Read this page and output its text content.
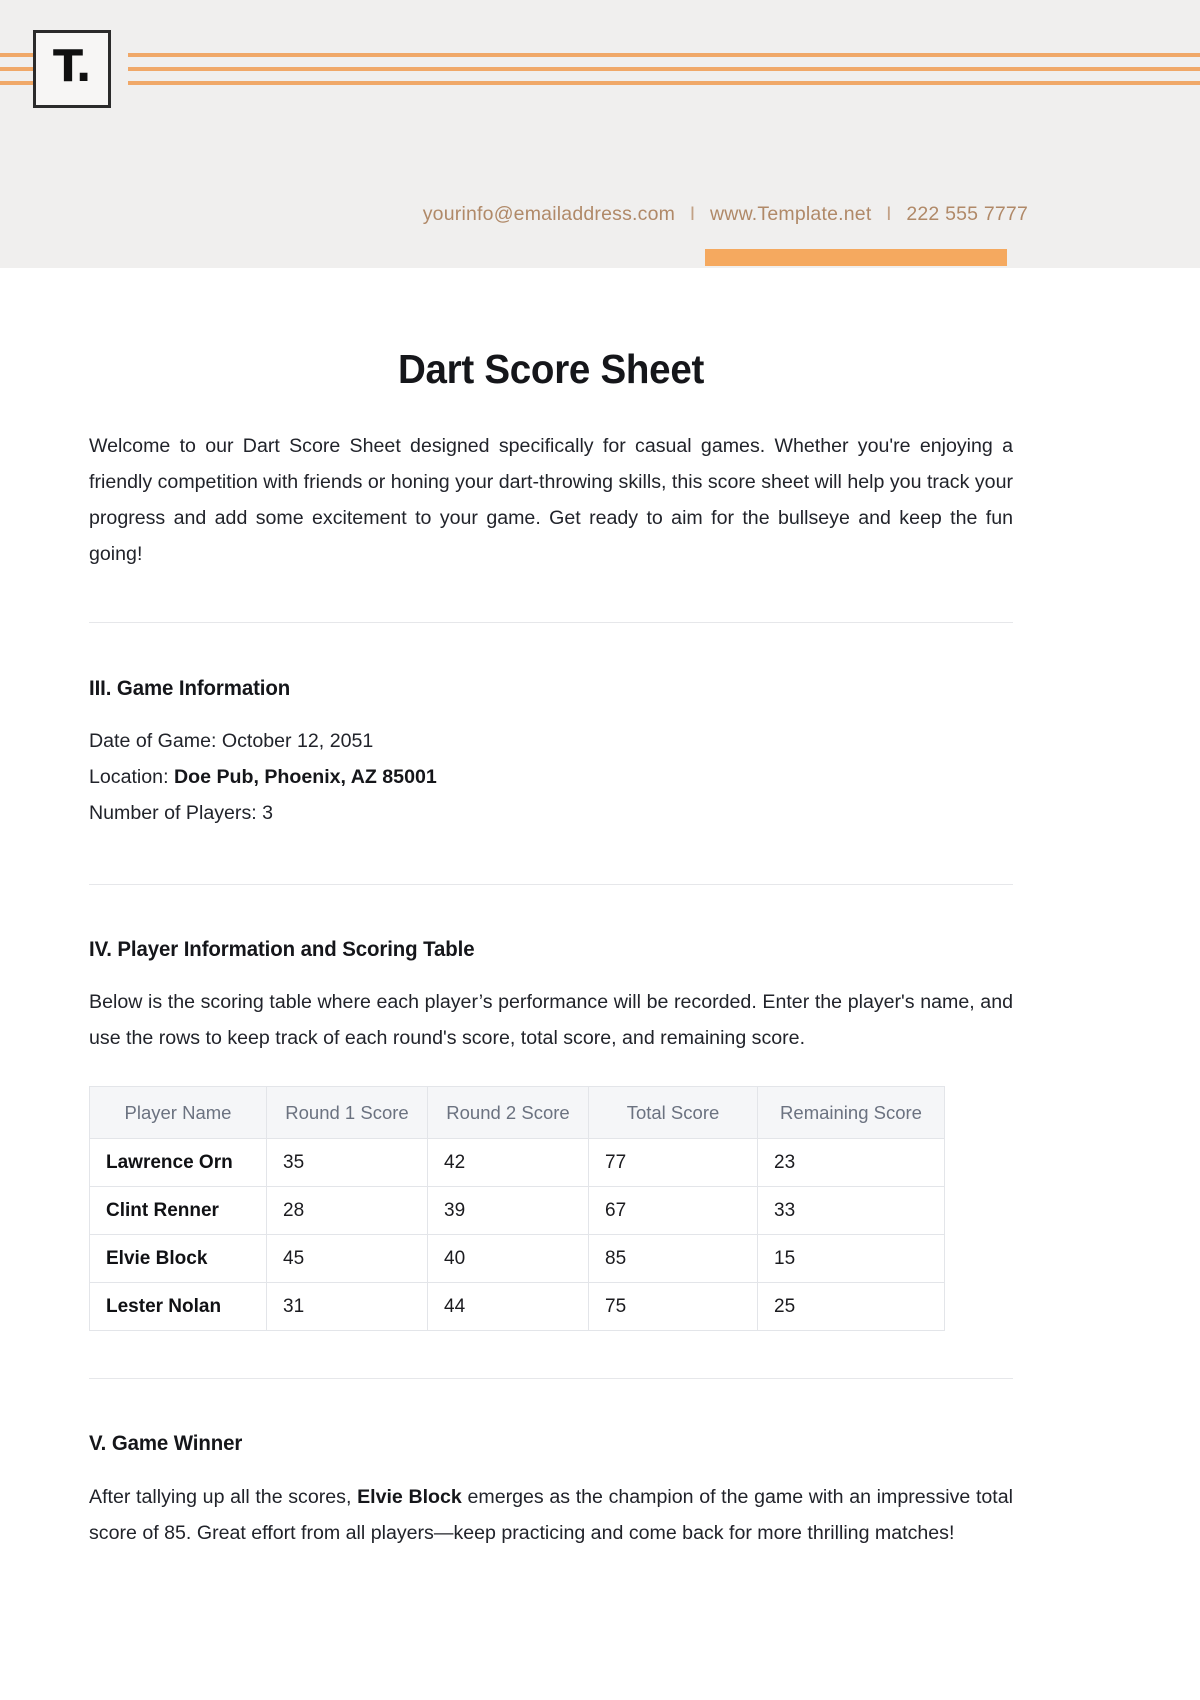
T.
yourinfo@emailaddress.com I www.Template.net I 222 555 7777
Dart Score Sheet

Welcome to our Dart Score Sheet designed specifically for casual games. Whether you're enjoying a friendly competition with friends or honing your dart-throwing skills, this score sheet will help you track your progress and add some excitement to your game. Get ready to aim for the bullseye and keep the fun going!

III. Game Information
Date of Game: October 12, 2051
Location: Doe Pub, Phoenix, AZ 85001
Number of Players: 3
IV. Player Information and Scoring Table

Below is the scoring table where each player’s performance will be recorded. Enter the player's name, and use the rows to keep track of each round's score, total score, and remaining score.

Player Name	Round 1 Score	Round 2 Score	Total Score	Remaining Score
Lawrence Orn	35	42	77	23
Clint Renner	28	39	67	33
Elvie Block	45	40	85	15
Lester Nolan	31	44	75	25
V. Game Winner

After tallying up all the scores, Elvie Block emerges as the champion of the game with an impressive total score of 85. Great effort from all players—keep practicing and come back for more thrilling matches!
